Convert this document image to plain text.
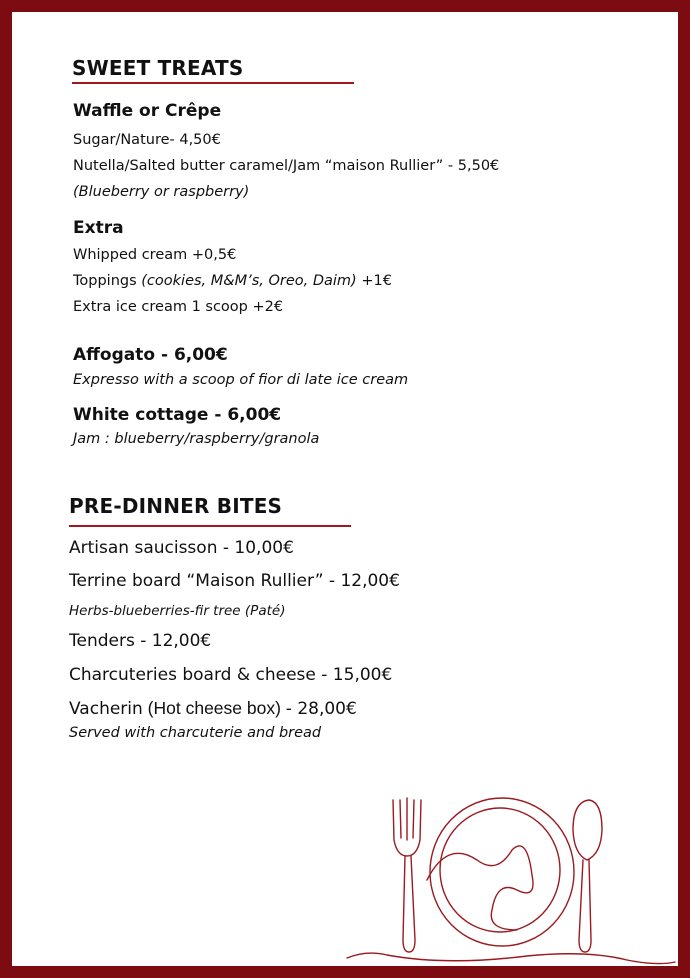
SWEET TREATS
Waffle or Crêpe
Sugar/Nature- 4,50€
Nutella/Salted butter caramel/Jam “maison Rullier” - 5,50€
(Blueberry or raspberry)
Extra
Whipped cream +0,5€
Toppings (cookies, M&M’s, Oreo, Daim) +1€
Extra ice cream 1 scoop +2€
Affogato - 6,00€
Expresso with a scoop of fior di late ice cream
White cottage - 6,00€
Jam : blueberry/raspberry/granola
PRE-DINNER BITES
Artisan saucisson - 10,00€
Terrine board “Maison Rullier” - 12,00€
Herbs-blueberries-fir tree (Paté)
Tenders - 12,00€
Charcuteries board & cheese - 15,00€
Vacherin (Hot cheese box) - 28,00€
Served with charcuterie and bread
